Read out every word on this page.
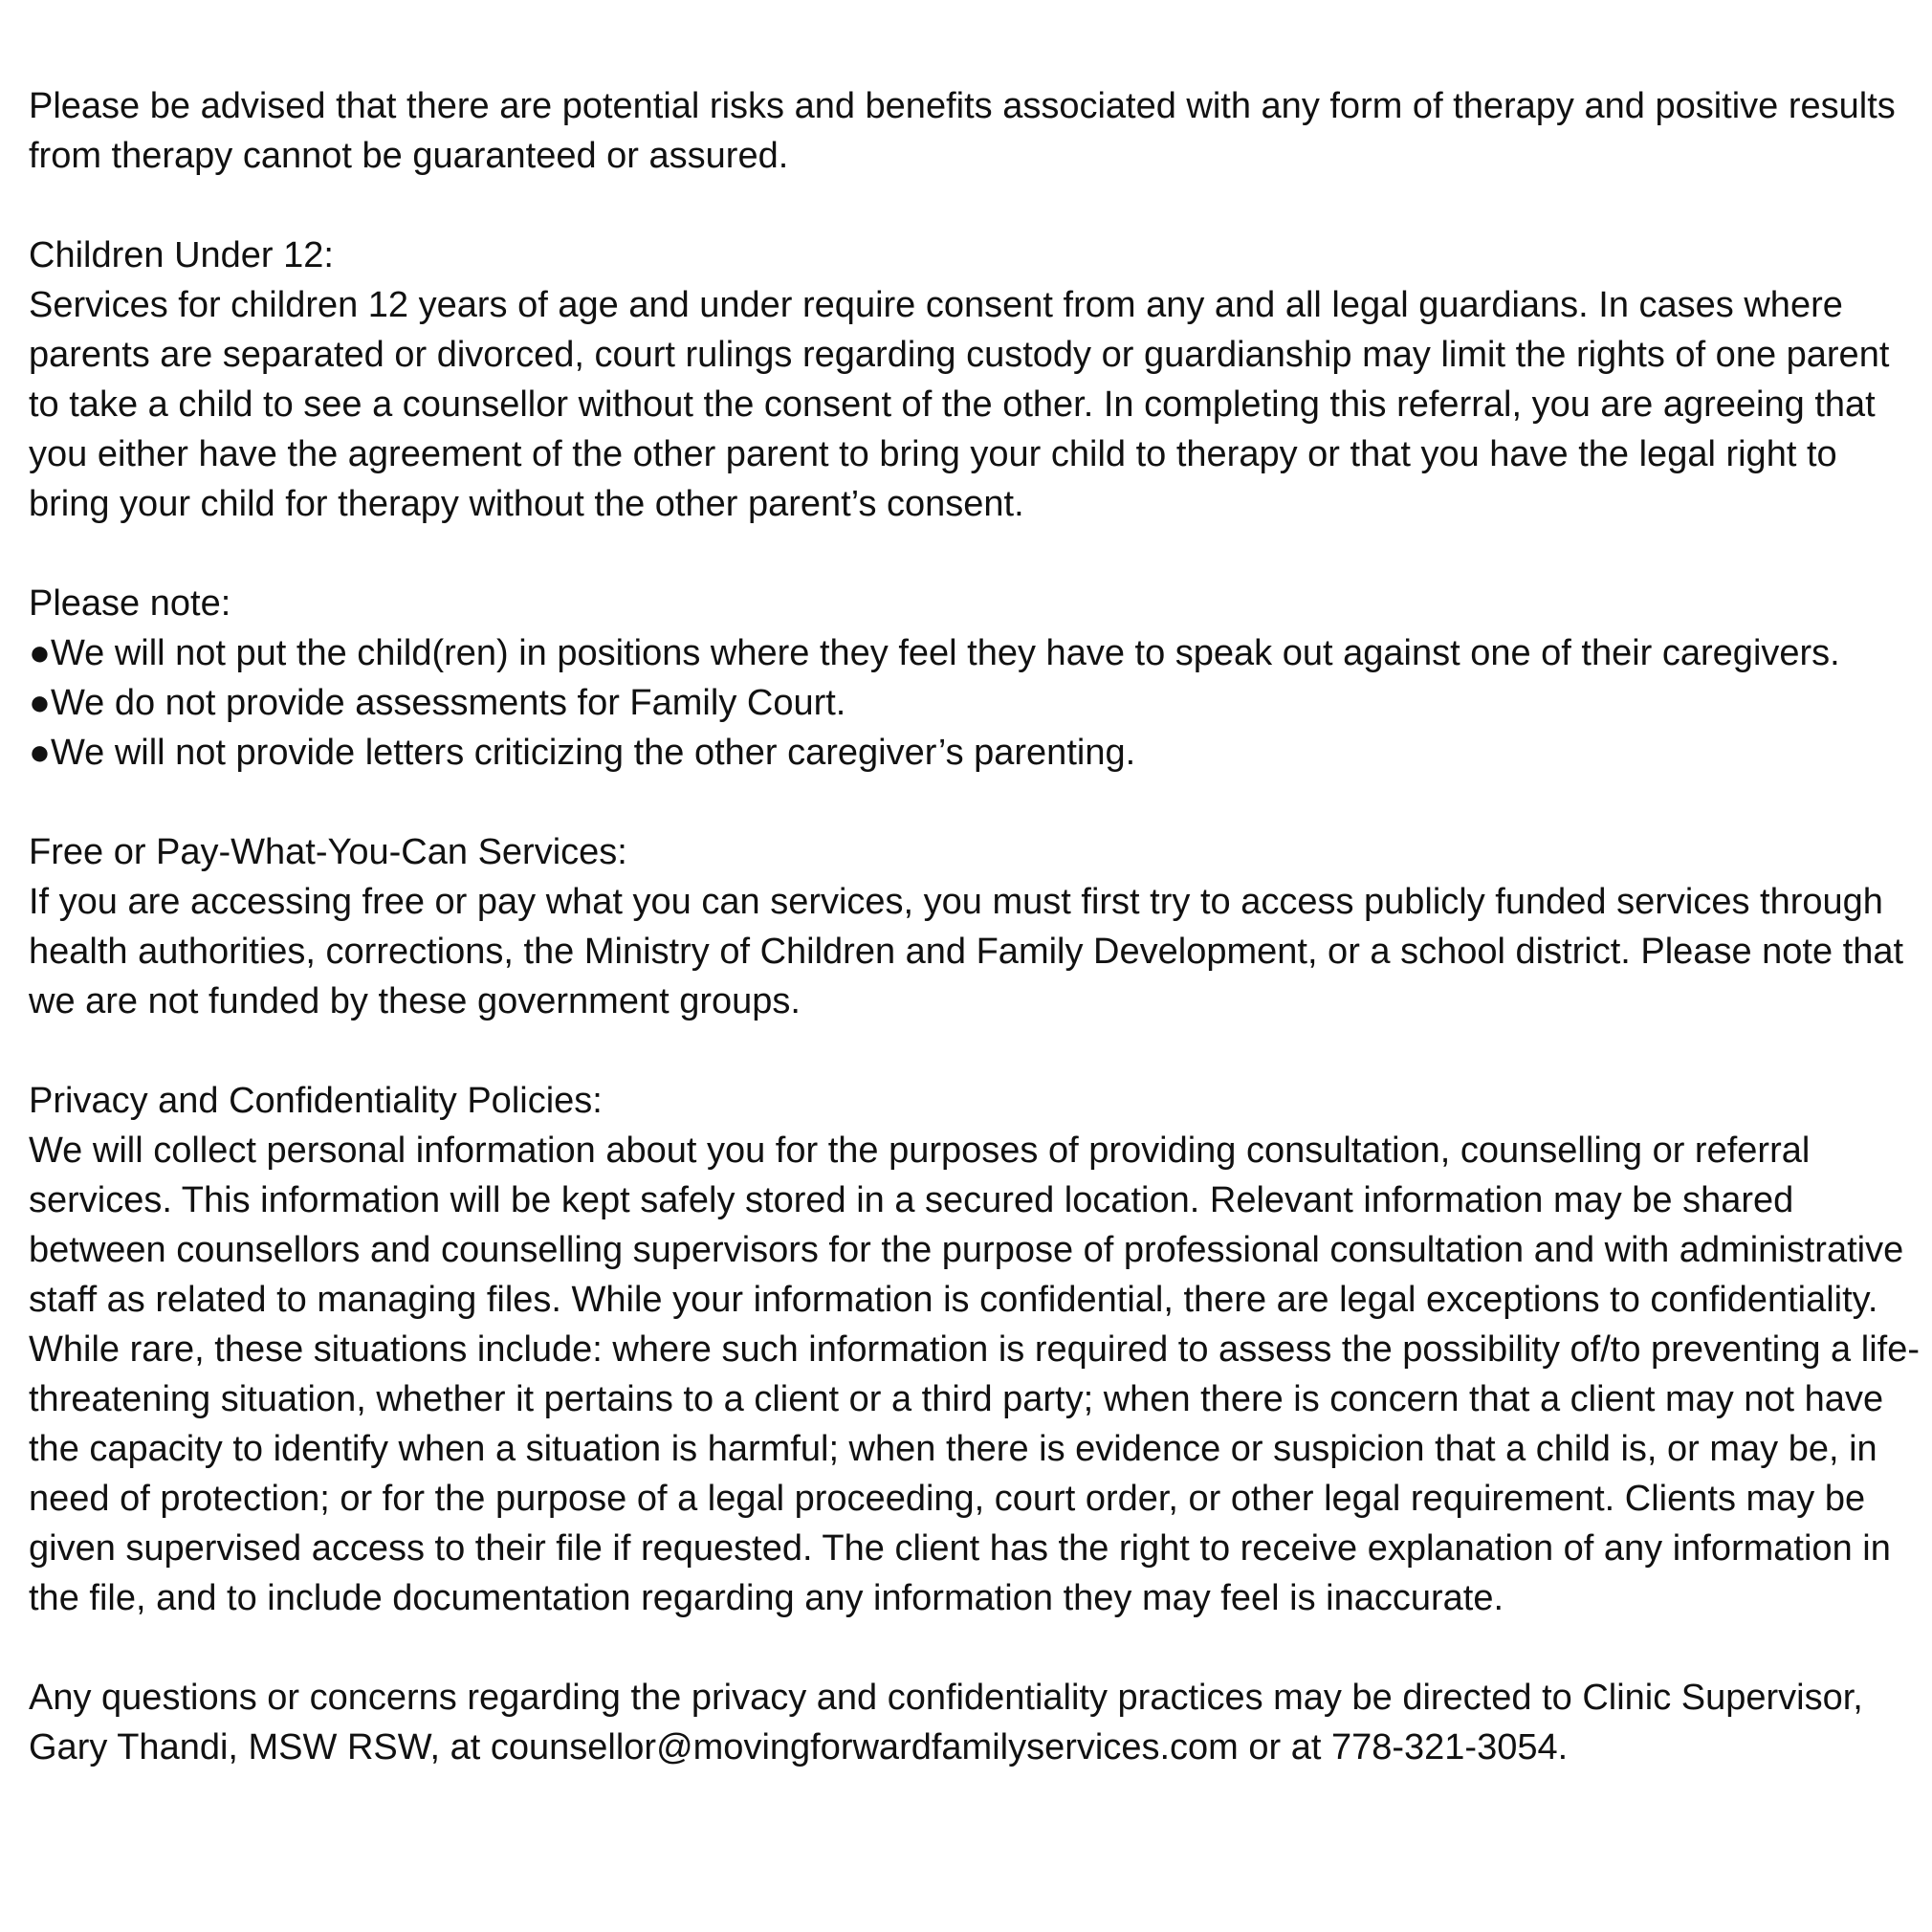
Please be advised that there are potential risks and benefits associated with any form of therapy and positive results from therapy cannot be guaranteed or assured.

Children Under 12:

Services for children 12 years of age and under require consent from any and all legal guardians. In cases where parents are separated or divorced, court rulings regarding custody or guardianship may limit the rights of one parent to take a child to see a counsellor without the consent of the other. In completing this referral, you are agreeing that you either have the agreement of the other parent to bring your child to therapy or that you have the legal right to bring your child for therapy without the other parent’s consent.

Please note:
●We will not put the child(ren) in positions where they feel they have to speak out against one of their caregivers.
●We do not provide assessments for Family Court.
●We will not provide letters criticizing the other caregiver’s parenting.
Free or Pay-What-You-Can Services:

If you are accessing free or pay what you can services, you must first try to access publicly funded services through health authorities, corrections, the Ministry of Children and Family Development, or a school district. Please note that we are not funded by these government groups.

Privacy and Confidentiality Policies:

We will collect personal information about you for the purposes of providing consultation, counselling or referral services. This information will be kept safely stored in a secured location. Relevant information may be shared between counsellors and counselling supervisors for the purpose of professional consultation and with administrative staff as related to managing files. While your information is confidential, there are legal exceptions to confidentiality. While rare, these situations include: where such information is required to assess the possibility of/to preventing a life-threatening situation, whether it pertains to a client or a third party; when there is concern that a client may not have the capacity to identify when a situation is harmful; when there is evidence or suspicion that a child is, or may be, in need of protection; or for the purpose of a legal proceeding, court order, or other legal requirement. Clients may be given supervised access to their file if requested. The client has the right to receive explanation of any information in the file, and to include documentation regarding any information they may feel is inaccurate.

Any questions or concerns regarding the privacy and confidentiality practices may be directed to Clinic Supervisor, Gary Thandi, MSW RSW, at counsellor@movingforwardfamilyservices.com or at 778-321-3054.
